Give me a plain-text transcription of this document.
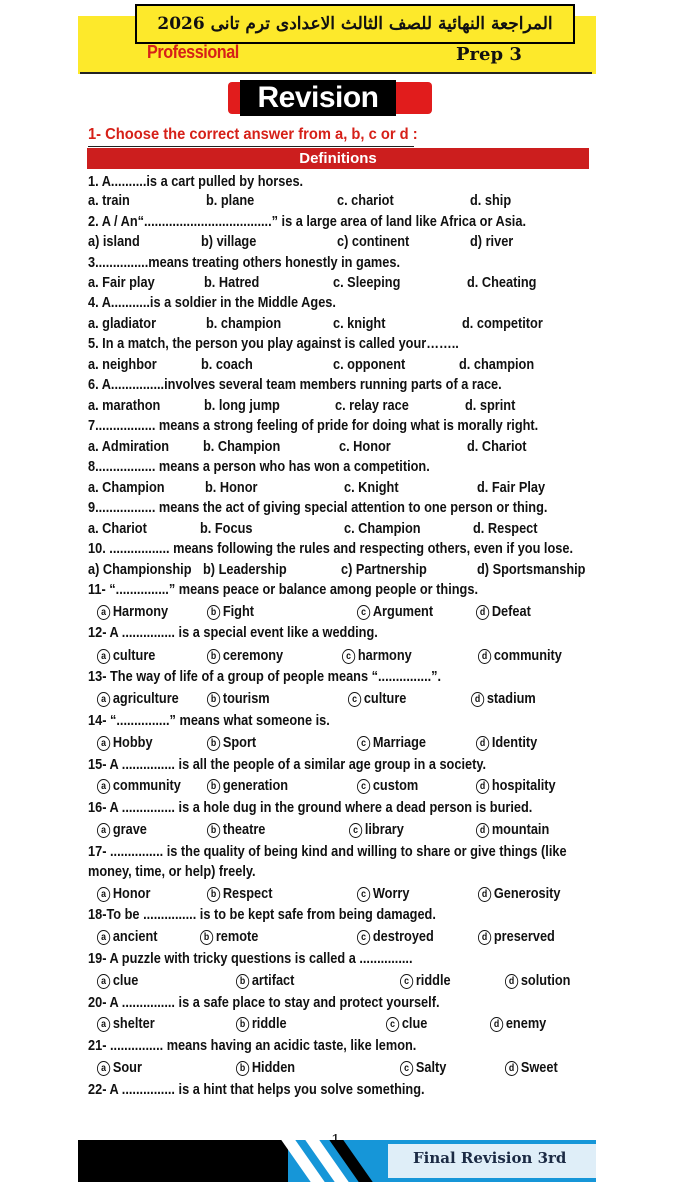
المراجعة النهائية للصف الثالث الاعدادى ترم تانى 2026
Professional	Prep 3
Revision
1- Choose the correct answer from a, b, c or d :
Definitions
1. A..........is a cart pulled by horses.
2. A / An“....................................” is a large area of land like Africa or Asia.
3...............means treating others honestly in games.
4. A...........is a soldier in the Middle Ages.
5. In a match, the person you play against is called your……..
6. A...............involves several team members running parts of a race.
7................. means a strong feeling of pride for doing what is morally right.
8................. means a person who has won a competition.
9................. means the act of giving special attention to one person or thing.
10. ................. means following the rules and respecting others, even if you lose.
11- “...............” means peace or balance among people or things.
12- A ............... is a special event like a wedding.
13- The way of life of a group of people means “...............”.
14- “...............” means what someone is.
15- A ............... is all the people of a similar age group in a society.
16- A ............... is a hole dug in the ground where a dead person is buried.
17- ............... is the quality of being kind and willing to share or give things (like
money, time, or help) freely.
18-To be ............... is to be kept safe from being damaged.
19- A puzzle with tricky questions is called a ...............
20- A ............... is a safe place to stay and protect yourself.
21- ............... means having an acidic taste, like lemon.
22- A ............... is a hint that helps you solve something.
a. train	b. plane	c. chariot	d. ship
a) island	b) village	c) continent	d) river
a. Fair play	b. Hatred	c. Sleeping	d. Cheating
a. gladiator	b. champion	c. knight	d. competitor
a. neighbor	b. coach	c. opponent	d. champion
a. marathon	b. long jump	c. relay race	d. sprint
a. Admiration b. Champion	c. Honor	d. Chariot
a. Champion	b. Honor	c. Knight	d. Fair Play
a. Chariot	b. Focus	c. Champion	d. Respect
a) Championship b) Leadership	c) Partnership	d) Sportsmanship
a Harmony	b Fight	c Argument	d Defeat
a culture	b ceremony	c harmony	d community
a agriculture	b tourism	c culture	d stadium
a Hobby	b Sport	c Marriage	d Identity
a community	b generation	c custom	d hospitality
a grave	b theatre	c library	d mountain
a Honor	b Respect	c Worry	d Generosity
a ancient	b remote	c destroyed	d preserved
a clue	b artifact	c riddle	d solution
a shelter	b riddle	c clue	d enemy
a Sour	b Hidden	c Salty	d Sweet
Final Revision 3rd
